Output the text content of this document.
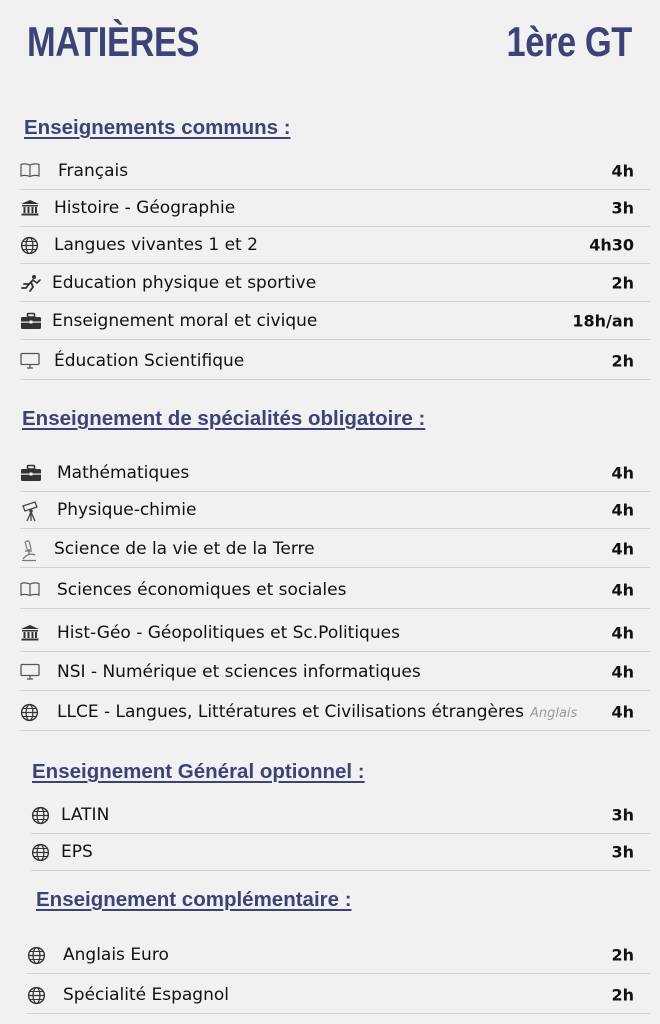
MATIÈRES	1ère GT
Enseignements communs :
Français	4h
Histoire - Géographie	3h
Langues vivantes 1 et 2	4h30
Education physique et sportive	2h
Enseignement moral et civique	18h/an
Éducation Scientifique	2h
Enseignement de spécialités obligatoire :
Mathématiques	4h
Physique-chimie	4h
Science de la vie et de la Terre	4h
Sciences économiques et sociales	4h
Hist-Géo - Géopolitiques et Sc.Politiques	4h
NSI - Numérique et sciences informatiques	4h
LLCE - Langues, Littératures et Civilisations étrangères Anglais 4h
Enseignement Général optionnel :
LATIN	3h
EPS	3h
Enseignement complémentaire :
Anglais Euro	2h
Spécialité Espagnol	2h
